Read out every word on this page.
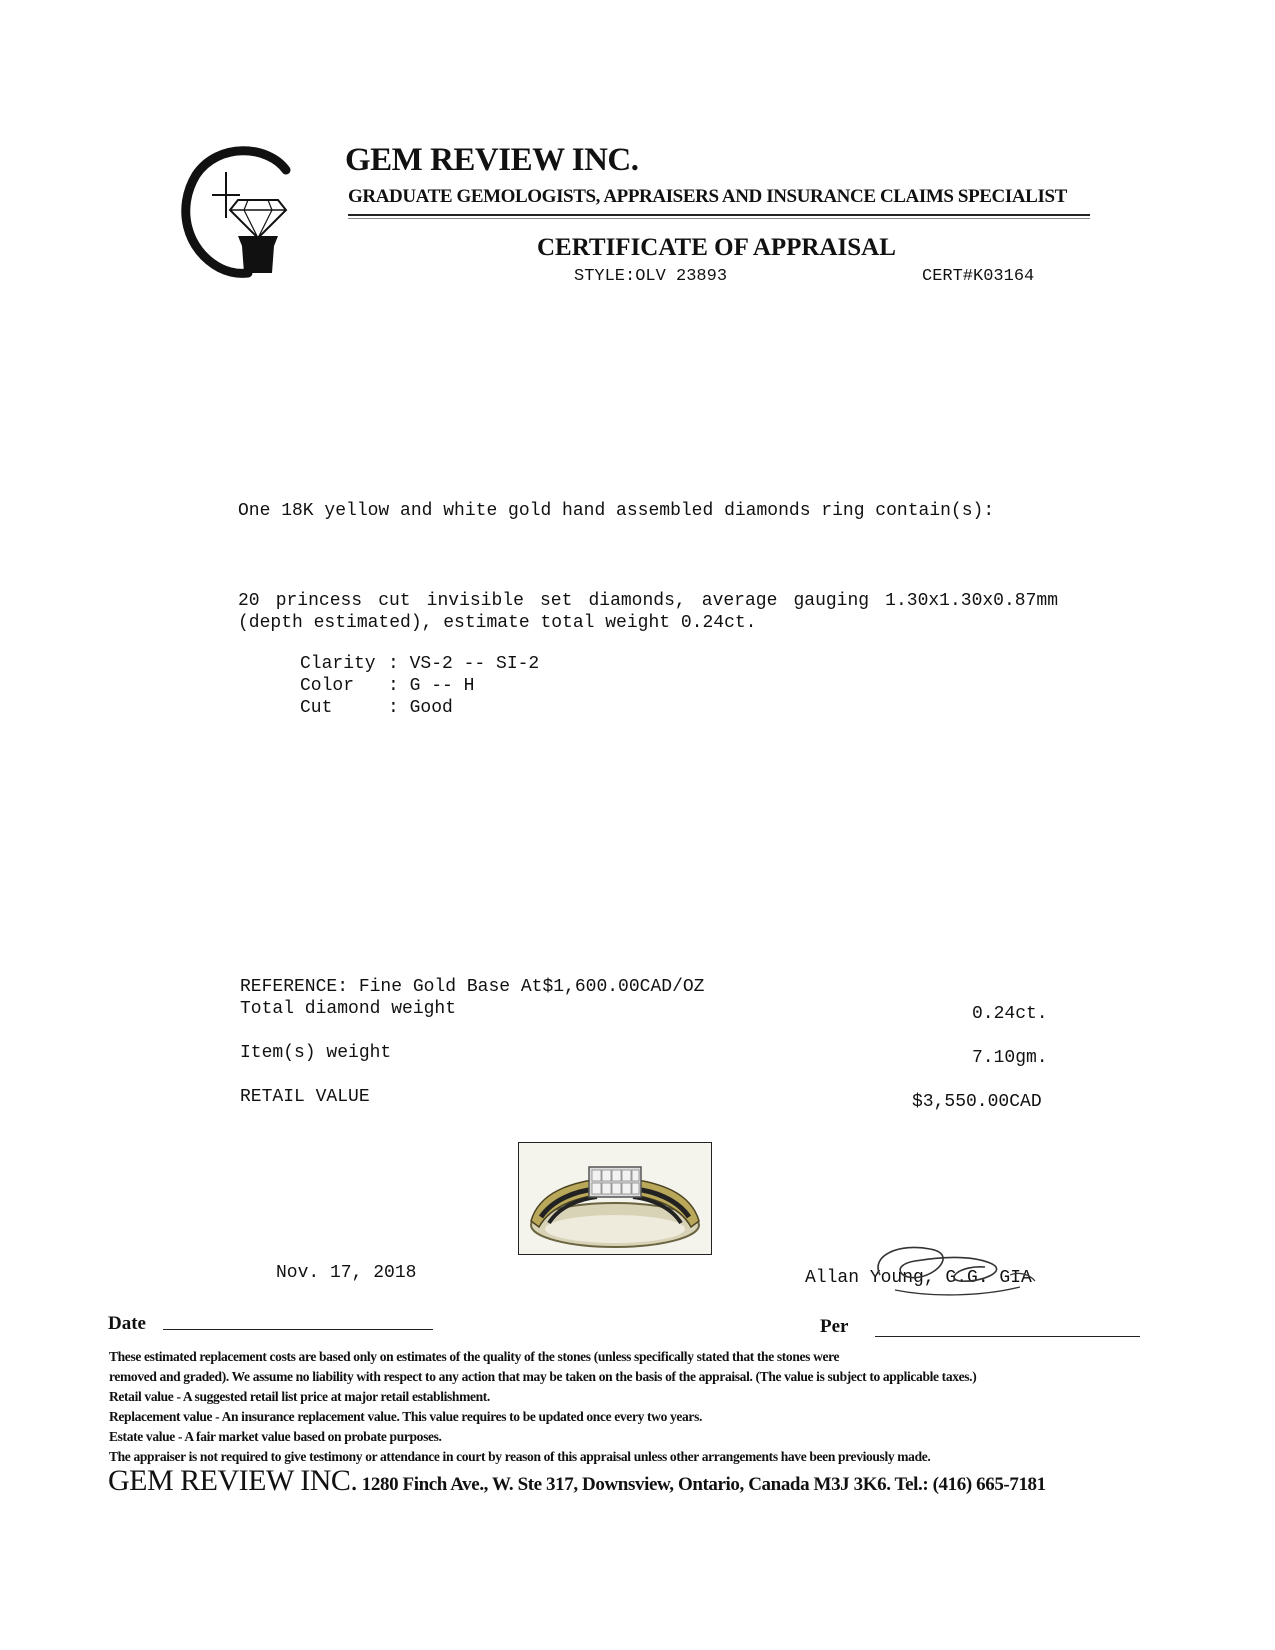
GEM REVIEW INC.
GRADUATE GEMOLOGISTS, APPRAISERS AND INSURANCE CLAIMS SPECIALIST
CERTIFICATE OF APPRAISAL
STYLE:OLV 23893	CERT#K03164
One 18K yellow and white gold hand assembled diamonds ring contain(s):
20 princess cut invisible set diamonds, average gauging 1.30x1.30x0.87mm (depth estimated), estimate total weight 0.24ct.
Clarity : VS-2 -- SI-2
Color : G -- H
Cut	: Good
REFERENCE: Fine Gold Base At$1,600.00CAD/OZ
Total diamond weight	0.24ct.
Item(s) weight	7.10gm.
RETAIL VALUE	$3,550.00CAD
Nov. 17, 2018	Allan Young, G.G. GIA
Date	Per
These estimated replacement costs are based only on estimates of the quality of the stones (unless specifically stated that the stones were
removed and graded). We assume no liability with respect to any action that may be taken on the basis of the appraisal. (The value is subject to applicable taxes.)
Retail value - A suggested retail list price at major retail establishment.
Replacement value - An insurance replacement value. This value requires to be updated once every two years.
Estate value - A fair market value based on probate purposes.
The appraiser is not required to give testimony or attendance in court by reason of this appraisal unless other arrangements have been previously made.
GEM REVIEW INC. 1280 Finch Ave., W. Ste 317, Downsview, Ontario, Canada M3J 3K6. Tel.: (416) 665-7181
